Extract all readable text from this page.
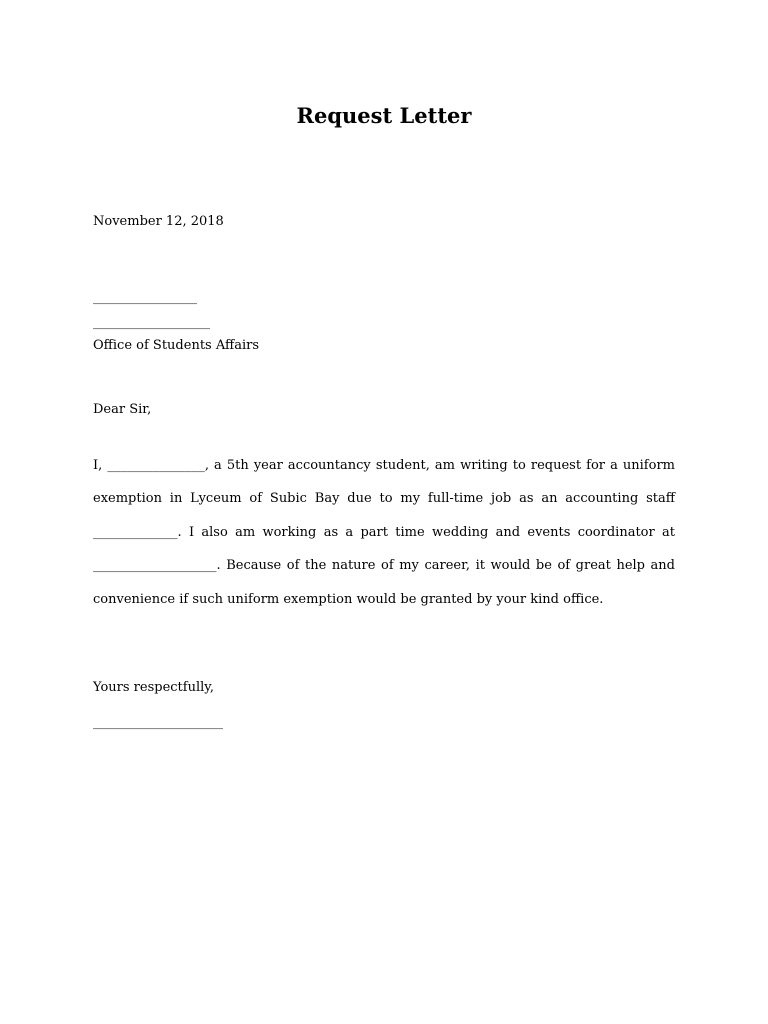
Request Letter
November 12, 2018
________________
__________________
Office of Students Affairs
Dear Sir,
I, _______________, a 5th year accountancy student, am writing to request for a uniform exemption in Lyceum of Subic Bay due to my full-time job as an accounting staff _____________. I also am working as a part time wedding and events coordinator at ___________________. Because of the nature of my career, it would be of great help and convenience if such uniform exemption would be granted by your kind office.
Yours respectfully,
____________________
